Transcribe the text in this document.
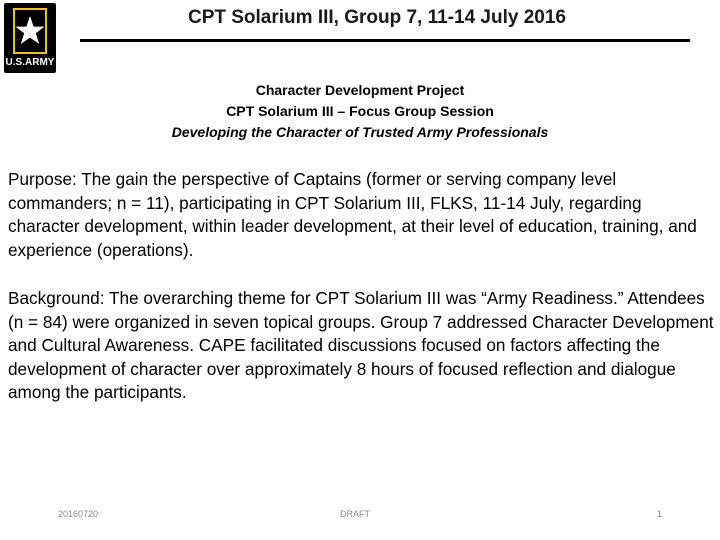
U.S.ARMY
CPT Solarium III, Group 7, 11-14 July 2016
Character Development Project
CPT Solarium III – Focus Group Session
Developing the Character of Trusted Army Professionals

Purpose: The gain the perspective of Captains (former or serving company level commanders; n = 11), participating in CPT Solarium III, FLKS, 11-14 July, regarding character development, within leader development, at their level of education, training, and experience (operations).

Background: The overarching theme for CPT Solarium III was “Army Readiness.” Attendees (n = 84) were organized in seven topical groups. Group 7 addressed Character Development and Cultural Awareness. CAPE facilitated discussions focused on factors affecting the development of character over approximately 8 hours of focused reflection and dialogue among the participants.

20160720	DRAFT	1
